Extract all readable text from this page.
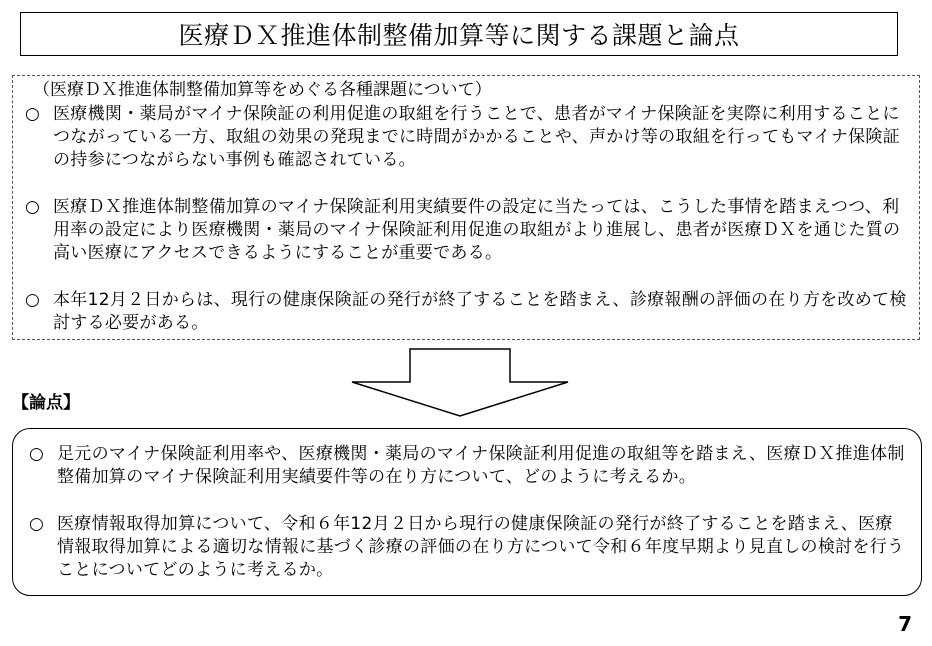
医療ＤＸ推進体制整備加算等に関する課題と論点
（医療ＤＸ推進体制整備加算等をめぐる各種課題について）
○ 医療機関・薬局がマイナ保険証の利用促進の取組を行うことで、患者がマイナ保険証を実際に利用することにつながっている一方、取組の効果の発現までに時間がかかることや、声かけ等の取組を行ってもマイナ保険証の持参につながらない事例も確認されている。
○ 医療ＤＸ推進体制整備加算のマイナ保険証利用実績要件の設定に当たっては、こうした事情を踏まえつつ、利用率の設定により医療機関・薬局のマイナ保険証利用促進の取組がより進展し、患者が医療ＤＸを通じた質の高い医療にアクセスできるようにすることが重要である。
○ 本年12月２日からは、現行の健康保険証の発行が終了することを踏まえ、診療報酬の評価の在り方を改めて検討する必要がある。
【論点】
○ 足元のマイナ保険証利用率や、医療機関・薬局のマイナ保険証利用促進の取組等を踏まえ、医療ＤＸ推進体制整備加算のマイナ保険証利用実績要件等の在り方について、どのように考えるか。
○ 医療情報取得加算について、令和６年12月２日から現行の健康保険証の発行が終了することを踏まえ、医療情報取得加算による適切な情報に基づく診療の評価の在り方について令和６年度早期より見直しの検討を行うことについてどのように考えるか。
7
